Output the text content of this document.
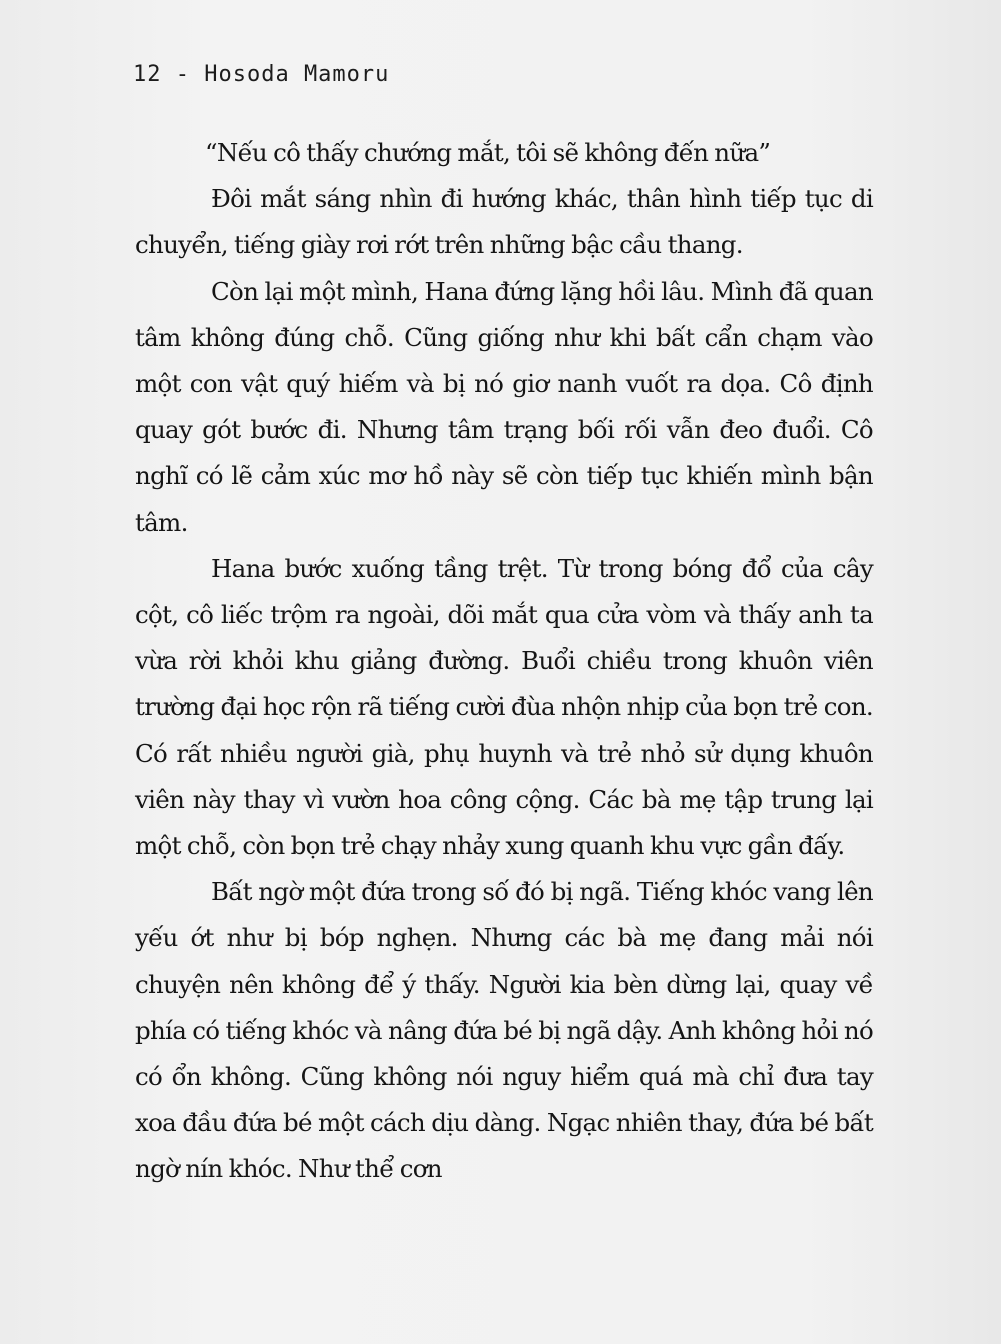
12 - Hosoda Mamoru

“Nếu cô thấy chướng mắt, tôi sẽ không đến nữa”

Đôi mắt sáng nhìn đi hướng khác, thân hình tiếp tục di chuyển, tiếng giày rơi rớt trên những bậc cầu thang.

Còn lại một mình, Hana đứng lặng hồi lâu. Mình đã quan tâm không đúng chỗ. Cũng giống như khi bất cẩn chạm vào một con vật quý hiếm và bị nó giơ nanh vuốt ra dọa. Cô định quay gót bước đi. Nhưng tâm trạng bối rối vẫn đeo đuổi. Cô nghĩ có lẽ cảm xúc mơ hồ này sẽ còn tiếp tục khiến mình bận tâm.

Hana bước xuống tầng trệt. Từ trong bóng đổ của cây cột, cô liếc trộm ra ngoài, dõi mắt qua cửa vòm và thấy anh ta vừa rời khỏi khu giảng đường. Buổi chiều trong khuôn viên trường đại học rộn rã tiếng cười đùa nhộn nhịp của bọn trẻ con. Có rất nhiều người già, phụ huynh và trẻ nhỏ sử dụng khuôn viên này thay vì vườn hoa công cộng. Các bà mẹ tập trung lại một chỗ, còn bọn trẻ chạy nhảy xung quanh khu vực gần đấy.

Bất ngờ một đứa trong số đó bị ngã. Tiếng khóc vang lên yếu ớt như bị bóp nghẹn. Nhưng các bà mẹ đang mải nói chuyện nên không để ý thấy. Người kia bèn dừng lại, quay về phía có tiếng khóc và nâng đứa bé bị ngã dậy. Anh không hỏi nó có ổn không. Cũng không nói nguy hiểm quá mà chỉ đưa tay xoa đầu đứa bé một cách dịu dàng. Ngạc nhiên thay, đứa bé bất ngờ nín khóc. Như thể cơn
